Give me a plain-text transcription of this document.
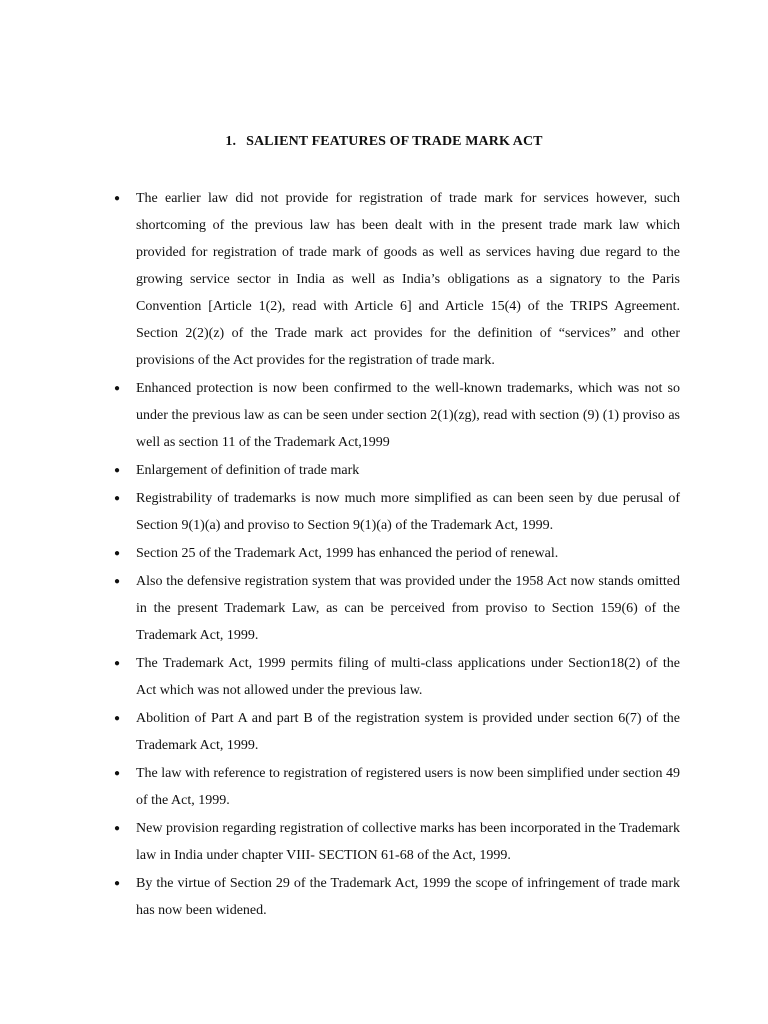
1. SALIENT FEATURES OF TRADE MARK ACT
● The earlier law did not provide for registration of trade mark for services however, such shortcoming of the previous law has been dealt with in the present trade mark law which provided for registration of trade mark of goods as well as services having due regard to the growing service sector in India as well as India’s obligations as a signatory to the Paris Convention [Article 1(2), read with Article 6] and Article 15(4) of the TRIPS Agreement. Section 2(2)(z) of the Trade mark act provides for the definition of “services” and other provisions of the Act provides for the registration of trade mark.
● Enhanced protection is now been confirmed to the well-known trademarks, which was not so under the previous law as can be seen under section 2(1)(zg), read with section (9) (1) proviso as well as section 11 of the Trademark Act,1999
● Enlargement of definition of trade mark
● Registrability of trademarks is now much more simplified as can been seen by due perusal of Section 9(1)(a) and proviso to Section 9(1)(a) of the Trademark Act, 1999.
● Section 25 of the Trademark Act, 1999 has enhanced the period of renewal.
● Also the defensive registration system that was provided under the 1958 Act now stands omitted in the present Trademark Law, as can be perceived from proviso to Section 159(6) of the Trademark Act, 1999.
● The Trademark Act, 1999 permits filing of multi-class applications under Section18(2) of the Act which was not allowed under the previous law.
● Abolition of Part A and part B of the registration system is provided under section 6(7) of the Trademark Act, 1999.
● The law with reference to registration of registered users is now been simplified under section 49 of the Act, 1999.
● New provision regarding registration of collective marks has been incorporated in the Trademark law in India under chapter VIII- SECTION 61-68 of the Act, 1999.
● By the virtue of Section 29 of the Trademark Act, 1999 the scope of infringement of trade mark has now been widened.
